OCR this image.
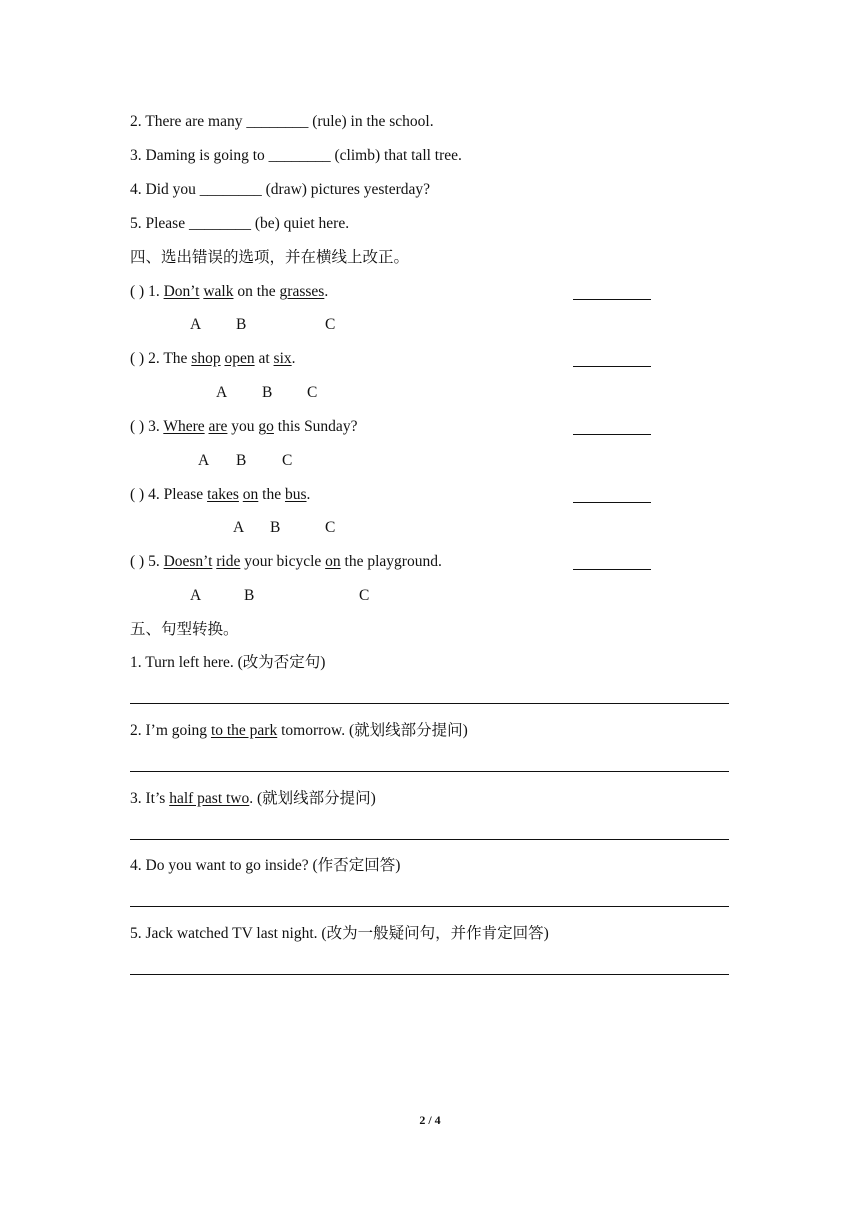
2. There are many ________ (rule) in the school.
3. Daming is going to ________ (climb) that tall tree.
4. Did you ________ (draw) pictures yesterday?
5. Please ________ (be) quiet here.
四、选出错误的选项，并在横线上改正。
( ) 1. Don’t walk on the grasses.
A B	C
( ) 2. The shop open at six.
A B C
( ) 3. Where are you go this Sunday?
A B C
( ) 4. Please takes on the bus.
A B	C
( ) 5. Doesn’t ride your bicycle on the playground.
A	B	C
五、句型转换。
1. Turn left here. (改为否定句)
2. I’m going to the park tomorrow. (就划线部分提问)
3. It’s half past two. (就划线部分提问)
4. Do you want to go inside? (作否定回答)
5. Jack watched TV last night. (改为一般疑问句，并作肯定回答)
2 / 4
